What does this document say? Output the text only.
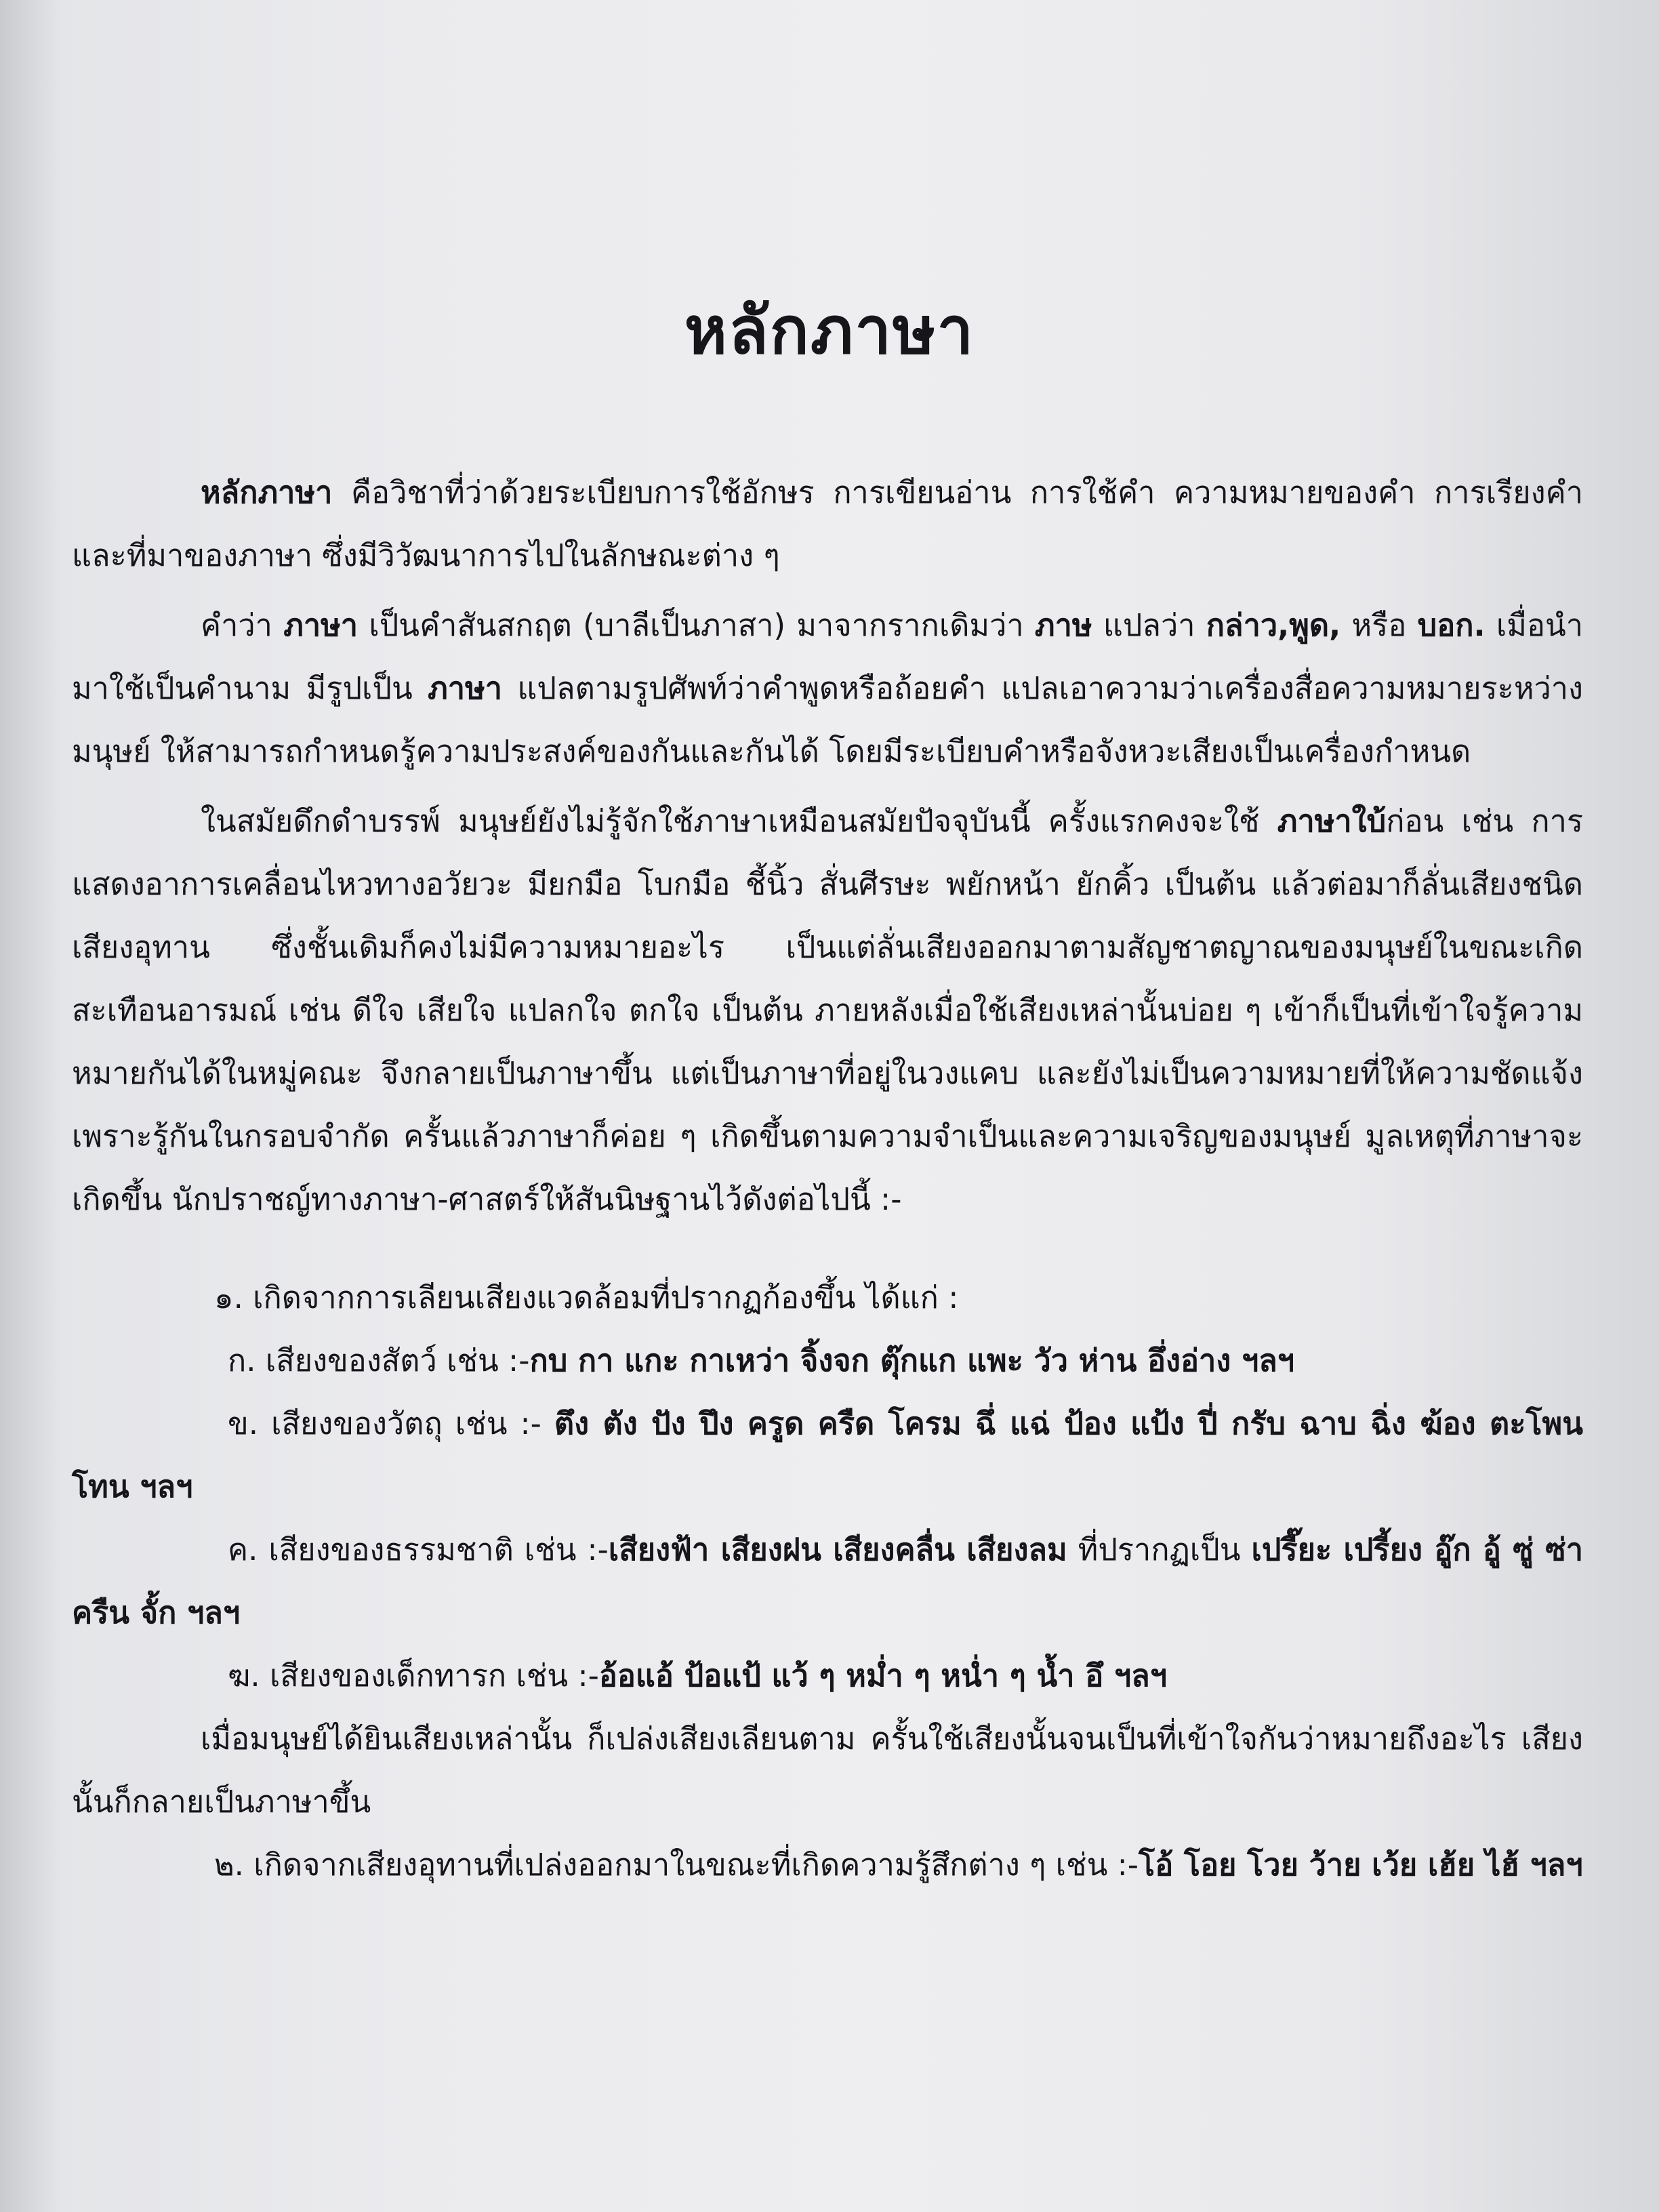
หลักภาษา

หลักภาษา คือวิชาที่ว่าด้วยระเบียบการใช้อักษร การเขียนอ่าน การใช้คำ ความหมายของคำ การเรียงคำ และที่มาของภาษา ซึ่งมีวิวัฒนาการไปในลักษณะต่าง ๆ

คำว่า ภาษา เป็นคำสันสกฤต (บาลีเป็นภาสา) มาจากรากเดิมว่า ภาษ แปลว่า กล่าว,พูด, หรือ บอก. เมื่อนำมาใช้เป็นคำนาม มีรูปเป็น ภาษา แปลตามรูปศัพท์ว่าคำพูดหรือถ้อยคำ แปลเอาความว่าเครื่องสื่อความหมายระหว่างมนุษย์ ให้สามารถกำหนดรู้ความประสงค์ของกันและกันได้ โดยมีระเบียบคำหรือจังหวะเสียงเป็นเครื่องกำหนด

ในสมัยดึกดำบรรพ์ มนุษย์ยังไม่รู้จักใช้ภาษาเหมือนสมัยปัจจุบันนี้ ครั้งแรกคงจะใช้ ภาษาใบ้ก่อน เช่น การแสดงอาการเคลื่อนไหวทางอวัยวะ มียกมือ โบกมือ ชี้นิ้ว สั่นศีรษะ พยักหน้า ยักคิ้ว เป็นต้น แล้วต่อมาก็ลั่นเสียงชนิดเสียงอุทาน ซึ่งชั้นเดิมก็คงไม่มีความหมายอะไร เป็นแต่ลั่นเสียงออกมาตามสัญชาตญาณของมนุษย์ในขณะเกิดสะเทือนอารมณ์ เช่น ดีใจ เสียใจ แปลกใจ ตกใจ เป็นต้น ภายหลังเมื่อใช้เสียงเหล่านั้นบ่อย ๆ เข้าก็เป็นที่เข้าใจรู้ความหมายกันได้ในหมู่คณะ จึงกลายเป็นภาษาขึ้น แต่เป็นภาษาที่อยู่ในวงแคบ และยังไม่เป็นความหมายที่ให้ความชัดแจ้ง เพราะรู้กันในกรอบจำกัด ครั้นแล้วภาษาก็ค่อย ๆ เกิดขึ้นตามความจำเป็นและความเจริญของมนุษย์ มูลเหตุที่ภาษาจะเกิดขึ้น นักปราชญ์ทางภาษา-ศาสตร์ให้สันนิษฐานไว้ดังต่อไปนี้ :-

๑. เกิดจากการเลียนเสียงแวดล้อมที่ปรากฏก้องขึ้น ได้แก่ :

ก. เสียงของสัตว์ เช่น :-กบ กา แกะ กาเหว่า จิ้งจก ตุ๊กแก แพะ วัว ห่าน อึ่งอ่าง ฯลฯ

ข. เสียงของวัตถุ เช่น :- ตึง ตัง ปัง ปึง ครูด ครืด โครม ฉึ่ แฉ่ ป้อง แป้ง ปี่ กรับ ฉาบ ฉิ่ง ฆ้อง ตะโพน โทน ฯลฯ

ค. เสียงของธรรมชาติ เช่น :-เสียงฟ้า เสียงฝน เสียงคลื่น เสียงลม ที่ปรากฏเป็น เปรี๊ยะ เปรี้ยง อู๊ก อู้ ซู่ ซ่า ครืน จั้ก ฯลฯ

ฆ. เสียงของเด็กทารก เช่น :-อ้อแอ้ ป้อแป้ แว้ ๆ หม่ำ ๆ หน่ำ ๆ น้ำ อึ ฯลฯ

เมื่อมนุษย์ได้ยินเสียงเหล่านั้น ก็เปล่งเสียงเลียนตาม ครั้นใช้เสียงนั้นจนเป็นที่เข้าใจกันว่าหมายถึงอะไร เสียงนั้นก็กลายเป็นภาษาขึ้น

๒. เกิดจากเสียงอุทานที่เปล่งออกมาในขณะที่เกิดความรู้สึกต่าง ๆ เช่น :-โอ้ โอย โวย ว้าย เว้ย เฮ้ย ไฮ้ ฯลฯ
